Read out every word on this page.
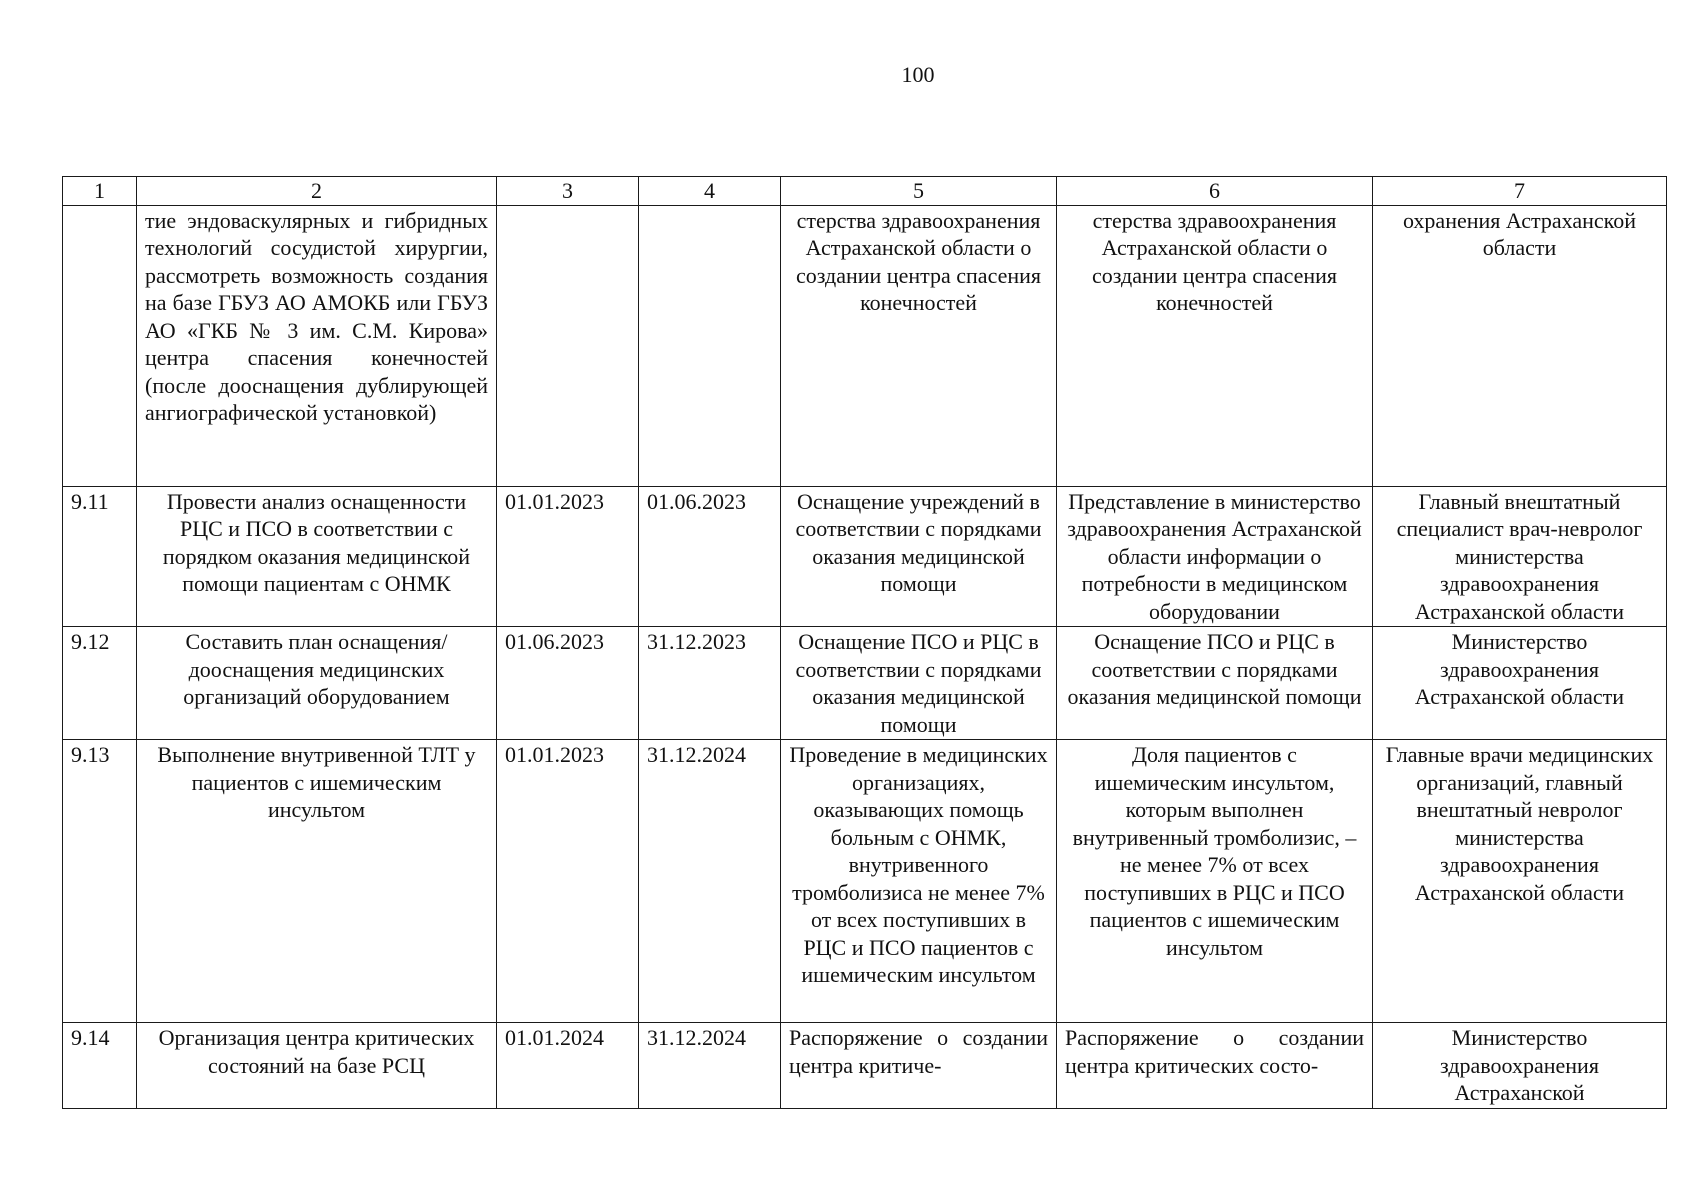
100
1	2	3	4	5	6	7
	тие эндоваскулярных и гибридных технологий сосудистой хирургии, рассмотреть возможность создания на базе ГБУЗ АО АМОКБ или ГБУЗ АО «ГКБ № 3 им. С.М. Кирова» центра спасения конечностей (после дооснащения дублирующей ангиографической установкой)			стерства здравоохранения Астраханской области о создании центра спасения конечностей	стерства здравоохранения Астраханской области о создании центра спасения конечностей	охранения Астраханской области
9.11	Провести анализ оснащенности РЦС и ПСО в соответствии с порядком оказания медицинской помощи пациентам с ОНМК	01.01.2023	01.06.2023	Оснащение учреждений в соответствии с порядками оказания медицинской помощи	Представление в министерство здравоохранения Астраханской области информации о потребности в медицинском оборудовании	Главный внештатный специалист врач-невролог министерства здравоохранения Астраханской области
9.12	Составить план оснащения/дооснащения медицинских организаций оборудованием	01.06.2023	31.12.2023	Оснащение ПСО и РЦС в соответствии с порядками оказания медицинской помощи	Оснащение ПСО и РЦС в соответствии с порядками оказания медицинской помощи	Министерство здравоохранения Астраханской области
9.13	Выполнение внутривенной ТЛТ у пациентов с ишемическим инсультом	01.01.2023	31.12.2024	Проведение в медицинских организациях, оказывающих помощь больным с ОНМК, внутривенного тромболизиса не менее 7% от всех поступивших в РЦС и ПСО пациентов с ишемическим инсультом	Доля пациентов с ишемическим инсультом, которым выполнен внутривенный тромболизис, – не менее 7% от всех поступивших в РЦС и ПСО пациентов с ишемическим инсультом	Главные врачи медицинских организаций, главный внештатный невролог министерства здравоохранения Астраханской области
9.14	Организация центра критических состояний на базе РСЦ	01.01.2024	31.12.2024	Распоряжение о создании центра критиче-	Распоряжение о создании центра критических состо-	Министерство здравоохранения Астраханской
